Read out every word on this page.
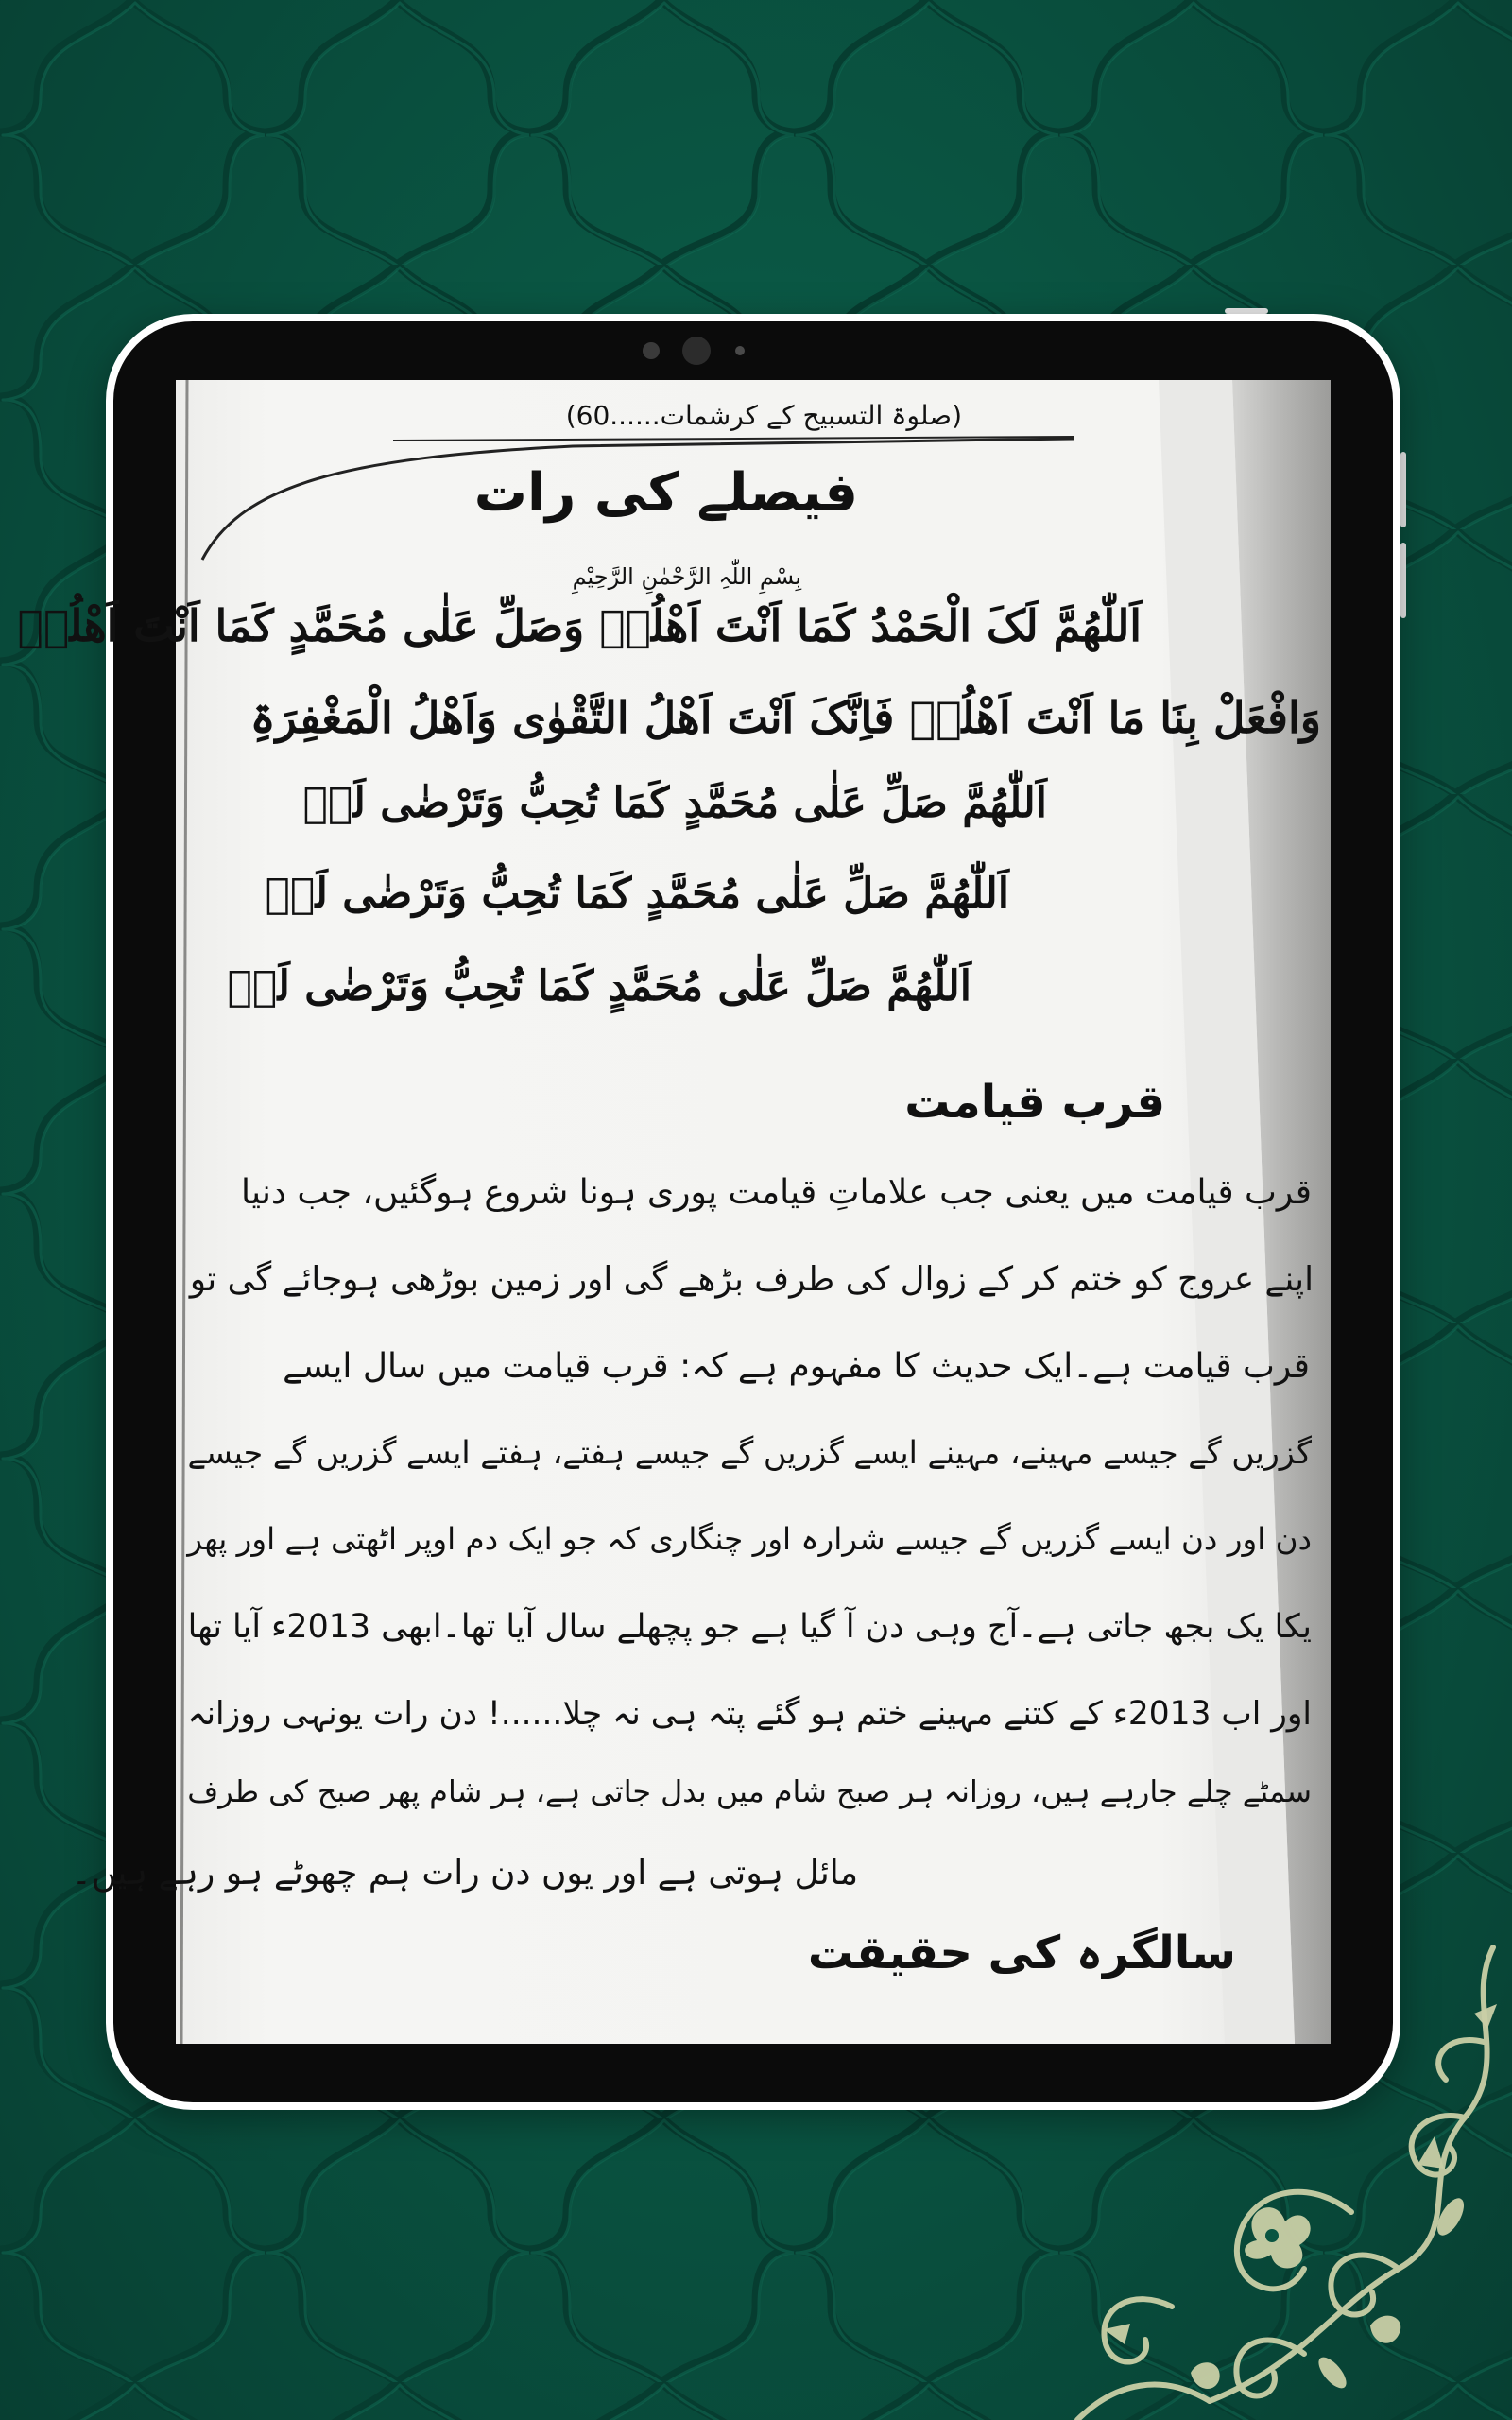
(صلوۃ التسبیح کے کرشمات......60)
فیصلے کی رات
بِسْمِ اللّٰہِ الرَّحْمٰنِ الرَّحِیْمِ
اَللّٰھُمَّ لَکَ الْحَمْدُ کَمَا اَنْتَ اَھْلُہٗ وَصَلِّ عَلٰی مُحَمَّدٍ کَمَا اَنْتَ اَھْلُہٗ
وَافْعَلْ بِنَا مَا اَنْتَ اَھْلُہٗ فَاِنَّکَ اَنْتَ اَھْلُ التَّقْوٰی وَاَھْلُ الْمَغْفِرَۃِ
اَللّٰھُمَّ صَلِّ عَلٰی مُحَمَّدٍ کَمَا تُحِبُّ وَتَرْضٰی لَہٗ
اَللّٰھُمَّ صَلِّ عَلٰی مُحَمَّدٍ کَمَا تُحِبُّ وَتَرْضٰی لَہٗ
اَللّٰھُمَّ صَلِّ عَلٰی مُحَمَّدٍ کَمَا تُحِبُّ وَتَرْضٰی لَہٗ
قرب قیامت
قرب قیامت میں یعنی جب علاماتِ قیامت پوری ہونا شروع ہوگئیں، جب دنیا
اپنے عروج کو ختم کر کے زوال کی طرف بڑھے گی اور زمین بوڑھی ہوجائے گی تو
قرب قیامت ہے۔ایک حدیث کا مفہوم ہے کہ: قرب قیامت میں سال ایسے
گزریں گے جیسے مہینے، مہینے ایسے گزریں گے جیسے ہفتے، ہفتے ایسے گزریں گے جیسے
دن اور دن ایسے گزریں گے جیسے شرارہ اور چنگاری کہ جو ایک دم اوپر اٹھتی ہے اور پھر
یکا یک بجھ جاتی ہے۔آج وہی دن آ گیا ہے جو پچھلے سال آیا تھا۔ابھی 2013ء آیا تھا
اور اب 2013ء کے کتنے مہینے ختم ہو گئے پتہ ہی نہ چلا......! دن رات یونہی روزانہ
سمٹے چلے جارہے ہیں، روزانہ ہر صبح شام میں بدل جاتی ہے، ہر شام پھر صبح کی طرف
مائل ہوتی ہے اور یوں دن رات ہم چھوٹے ہو رہے ہیں۔
سالگرہ کی حقیقت
